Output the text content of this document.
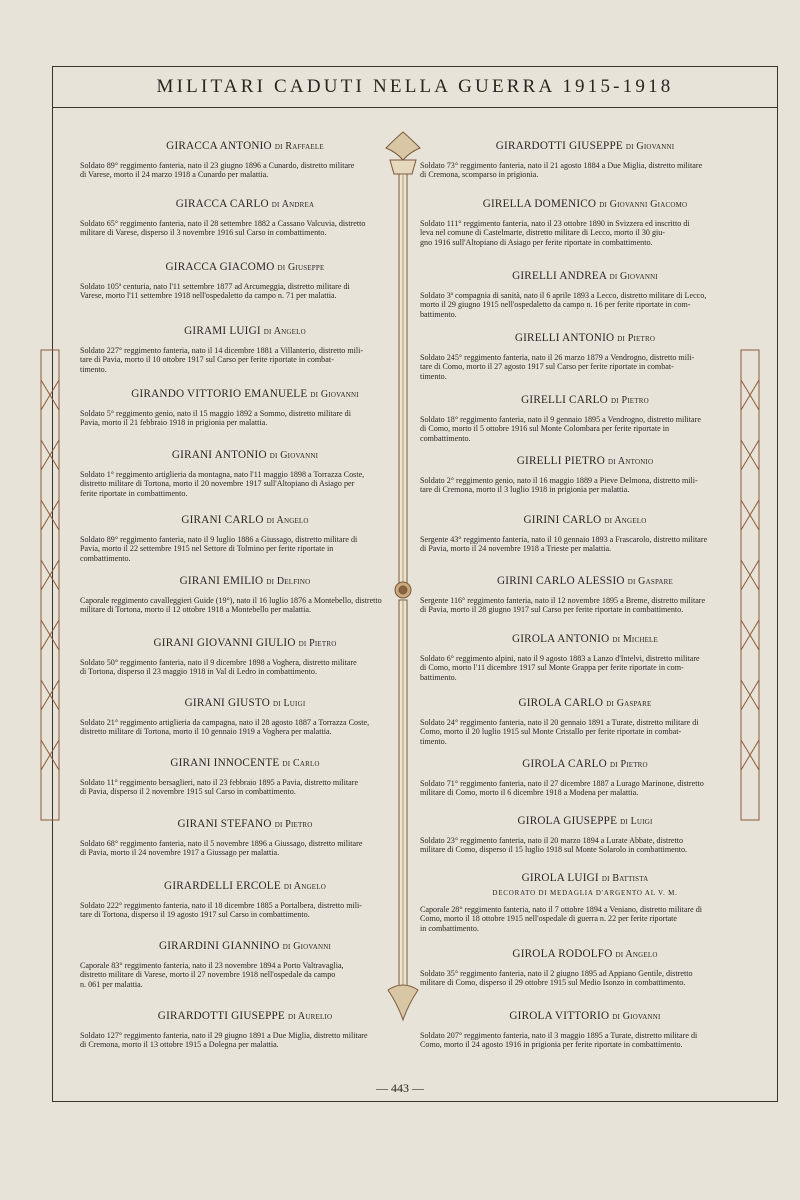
MILITARI CADUTI NELLA GUERRA 1915-1918
GIRACCA ANTONIO di Raffaele
Soldato 89° reggimento fanteria, nato il 23 giugno 1896 a Cunardo, distretto militare
di Varese, morto il 24 marzo 1918 a Cunardo per malattia.
GIRACCA CARLO di Andrea
Soldato 65° reggimento fanteria, nato il 28 settembre 1882 a Cassano Valcuvia, distretto
militare di Varese, disperso il 3 novembre 1916 sul Carso in combattimento.
GIRACCA GIACOMO di Giuseppe
Soldato 105ª centuria, nato l'11 settembre 1877 ad Arcumeggia, distretto militare di
Varese, morto l'11 settembre 1918 nell'ospedaletto da campo n. 71 per malattia.
GIRAMI LUIGI di Angelo
Soldato 227° reggimento fanteria, nato il 14 dicembre 1881 a Villanterio, distretto mili-
tare di Pavia, morto il 10 ottobre 1917 sul Carso per ferite riportate in combat-
timento.
GIRANDO VITTORIO EMANUELE di Giovanni
Soldato 5° reggimento genio, nato il 15 maggio 1892 a Sommo, distretto militare di
Pavia, morto il 21 febbraio 1918 in prigionia per malattia.
GIRANI ANTONIO di Giovanni
Soldato 1° reggimento artiglieria da montagna, nato l'11 maggio 1898 a Torrazza Coste,
distretto militare di Tortona, morto il 20 novembre 1917 sull'Altopiano di Asiago per
ferite riportate in combattimento.
GIRANI CARLO di Angelo
Soldato 89° reggimento fanteria, nato il 9 luglio 1886 a Giussago, distretto militare di
Pavia, morto il 22 settembre 1915 nel Settore di Tolmino per ferite riportate in
combattimento.
GIRANI EMILIO di Delfino
Caporale reggimento cavalleggieri Guide (19°), nato il 16 luglio 1876 a Montebello, distretto
militare di Tortona, morto il 12 ottobre 1918 a Montebello per malattia.
GIRANI GIOVANNI GIULIO di Pietro
Soldato 50° reggimento fanteria, nato il 9 dicembre 1898 a Voghera, distretto militare
di Tortona, disperso il 23 maggio 1918 in Val di Ledro in combattimento.
GIRANI GIUSTO di Luigi
Soldato 21° reggimento artiglieria da campagna, nato il 28 agosto 1887 a Torrazza Coste,
distretto militare di Tortona, morto il 10 gennaio 1919 a Voghera per malattia.
GIRANI INNOCENTE di Carlo
Soldato 11° reggimento bersaglieri, nato il 23 febbraio 1895 a Pavia, distretto militare
di Pavia, disperso il 2 novembre 1915 sul Carso in combattimento.
GIRANI STEFANO di Pietro
Soldato 68° reggimento fanteria, nato il 5 novembre 1896 a Giussago, distretto militare
di Pavia, morto il 24 novembre 1917 a Giussago per malattia.
GIRARDELLI ERCOLE di Angelo
Soldato 222° reggimento fanteria, nato il 18 dicembre 1885 a Portalbera, distretto mili-
tare di Tortona, disperso il 19 agosto 1917 sul Carso in combattimento.
GIRARDINI GIANNINO di Giovanni
Caporale 83° reggimento fanteria, nato il 23 novembre 1894 a Porto Valtravaglia,
distretto militare di Varese, morto il 27 novembre 1918 nell'ospedale da campo
n. 061 per malattia.
GIRARDOTTI GIUSEPPE di Aurelio
Soldato 127° reggimento fanteria, nato il 29 giugno 1891 a Due Miglia, distretto militare
di Cremona, morto il 13 ottobre 1915 a Dolegna per malattia.
GIRARDOTTI GIUSEPPE di Giovanni
Soldato 73° reggimento fanteria, nato il 21 agosto 1884 a Due Miglia, distretto militare
di Cremona, scomparso in prigionia.
GIRELLA DOMENICO di Giovanni Giacomo
Soldato 111° reggimento fanteria, nato il 23 ottobre 1890 in Svizzera ed inscritto di
leva nel comune di Castelmarte, distretto militare di Lecco, morto il 30 giu-
gno 1916 sull'Altopiano di Asiago per ferite riportate in combattimento.
GIRELLI ANDREA di Giovanni
Soldato 3ª compagnia di sanità, nato il 6 aprile 1893 a Lecco, distretto militare di Lecco,
morto il 29 giugno 1915 nell'ospedaletto da campo n. 16 per ferite riportate in com-
battimento.
GIRELLI ANTONIO di Pietro
Soldato 245° reggimento fanteria, nato il 26 marzo 1879 a Vendrogno, distretto mili-
tare di Como, morto il 27 agosto 1917 sul Carso per ferite riportate in combat-
timento.
GIRELLI CARLO di Pietro
Soldato 18° reggimento fanteria, nato il 9 gennaio 1895 a Vendrogno, distretto militare
di Como, morto il 5 ottobre 1916 sul Monte Colombara per ferite riportate in
combattimento.
GIRELLI PIETRO di Antonio
Soldato 2° reggimento genio, nato il 16 maggio 1889 a Pieve Delmona, distretto mili-
tare di Cremona, morto il 3 luglio 1918 in prigionia per malattia.
GIRINI CARLO di Angelo
Sergente 43° reggimento fanteria, nato il 10 gennaio 1893 a Frascarolo, distretto militare
di Pavia, morto il 24 novembre 1918 a Trieste per malattia.
GIRINI CARLO ALESSIO di Gaspare
Sergente 116° reggimento fanteria, nato il 12 novembre 1895 a Breme, distretto militare
di Pavia, morto il 28 giugno 1917 sul Carso per ferite riportate in combattimento.
GIROLA ANTONIO di Michele
Soldato 6° reggimento alpini, nato il 9 agosto 1883 a Lanzo d'Intelvi, distretto militare
di Como, morto l'11 dicembre 1917 sul Monte Grappa per ferite riportate in com-
battimento.
GIROLA CARLO di Gaspare
Soldato 24° reggimento fanteria, nato il 20 gennaio 1891 a Turate, distretto militare di
Como, morto il 20 luglio 1915 sul Monte Cristallo per ferite riportate in combat-
timento.
GIROLA CARLO di Pietro
Soldato 71° reggimento fanteria, nato il 27 dicembre 1887 a Lurago Marinone, distretto
militare di Como, morto il 6 dicembre 1918 a Modena per malattia.
GIROLA GIUSEPPE di Luigi
Soldato 23° reggimento fanteria, nato il 20 marzo 1894 a Lurate Abbate, distretto
militare di Como, disperso il 15 luglio 1918 sul Monte Solarolo in combattimento.
GIROLA LUIGI di Battista
DECORATO DI MEDAGLIA D'ARGENTO AL V. M.
Caporale 28° reggimento fanteria, nato il 7 ottobre 1894 a Veniano, distretto militare di
Como, morto il 18 ottobre 1915 nell'ospedale di guerra n. 22 per ferite riportate
in combattimento.
GIROLA RODOLFO di Angelo
Soldato 35° reggimento fanteria, nato il 2 giugno 1895 ad Appiano Gentile, distretto
militare di Como, disperso il 29 ottobre 1915 sul Medio Isonzo in combattimento.
GIROLA VITTORIO di Giovanni
Soldato 207° reggimento fanteria, nato il 3 maggio 1895 a Turate, distretto militare di
Como, morto il 24 agosto 1916 in prigionia per ferite riportate in combattimento.
— 443 —
